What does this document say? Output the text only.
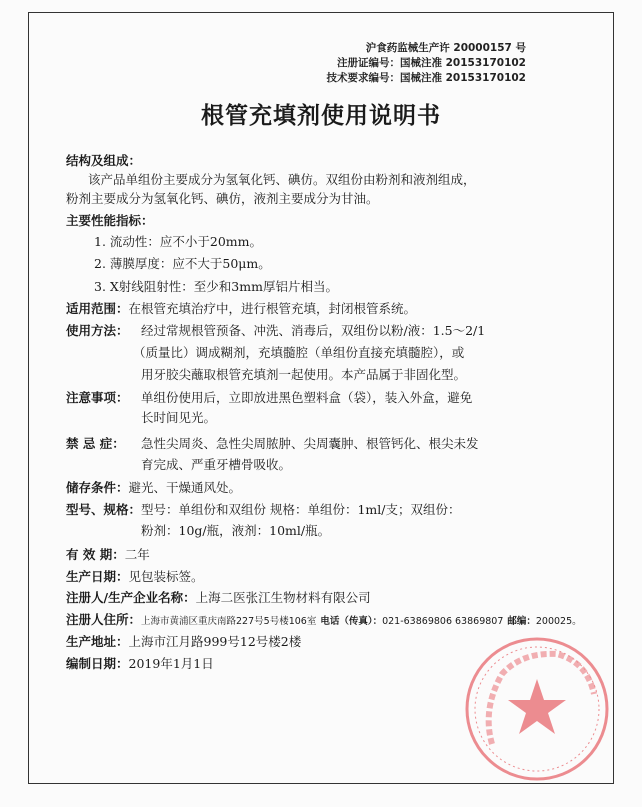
沪食药监械生产许 20000157 号
注册证编号：国械注准 20153170102
技术要求编号：国械注准 20153170102
根管充填剂使用说明书
结构及组成：
该产品单组份主要成分为氢氧化钙、碘仿。双组份由粉剂和液剂组成，
粉剂主要成分为氢氧化钙、碘仿，液剂主要成分为甘油。
主要性能指标：
1. 流动性：应不小于20mm。
2. 薄膜厚度：应不大于50μm。
3. X射线阻射性：至少和3mm厚铝片相当。
适用范围：在根管充填治疗中，进行根管充填，封闭根管系统。
使用方法： 经过常规根管预备、冲洗、消毒后，双组份以粉/液：1.5～2/1
（质量比）调成糊剂，充填髓腔（单组份直接充填髓腔），或
用牙胶尖蘸取根管充填剂一起使用。本产品属于非固化型。
注意事项： 单组份使用后，立即放进黑色塑料盒（袋），装入外盒，避免
长时间见光。
禁 忌 症： 急性尖周炎、急性尖周脓肿、尖周囊肿、根管钙化、根尖未发
育完成、严重牙槽骨吸收。
储存条件：避光、干燥通风处。
型号、规格： 型号：单组份和双组份 规格：单组份：1ml/支；双组份：
粉剂：10g/瓶，液剂：10ml/瓶。
有 效 期：二年
生产日期：见包装标签。
注册人/生产企业名称：上海二医张江生物材料有限公司
注册人住所：上海市黄浦区重庆南路227号5号楼106室 电话（传真）：021-63869806 63869807 邮编：200025。
生产地址：上海市江月路999号12号楼2楼
编制日期：2019年1月1日
